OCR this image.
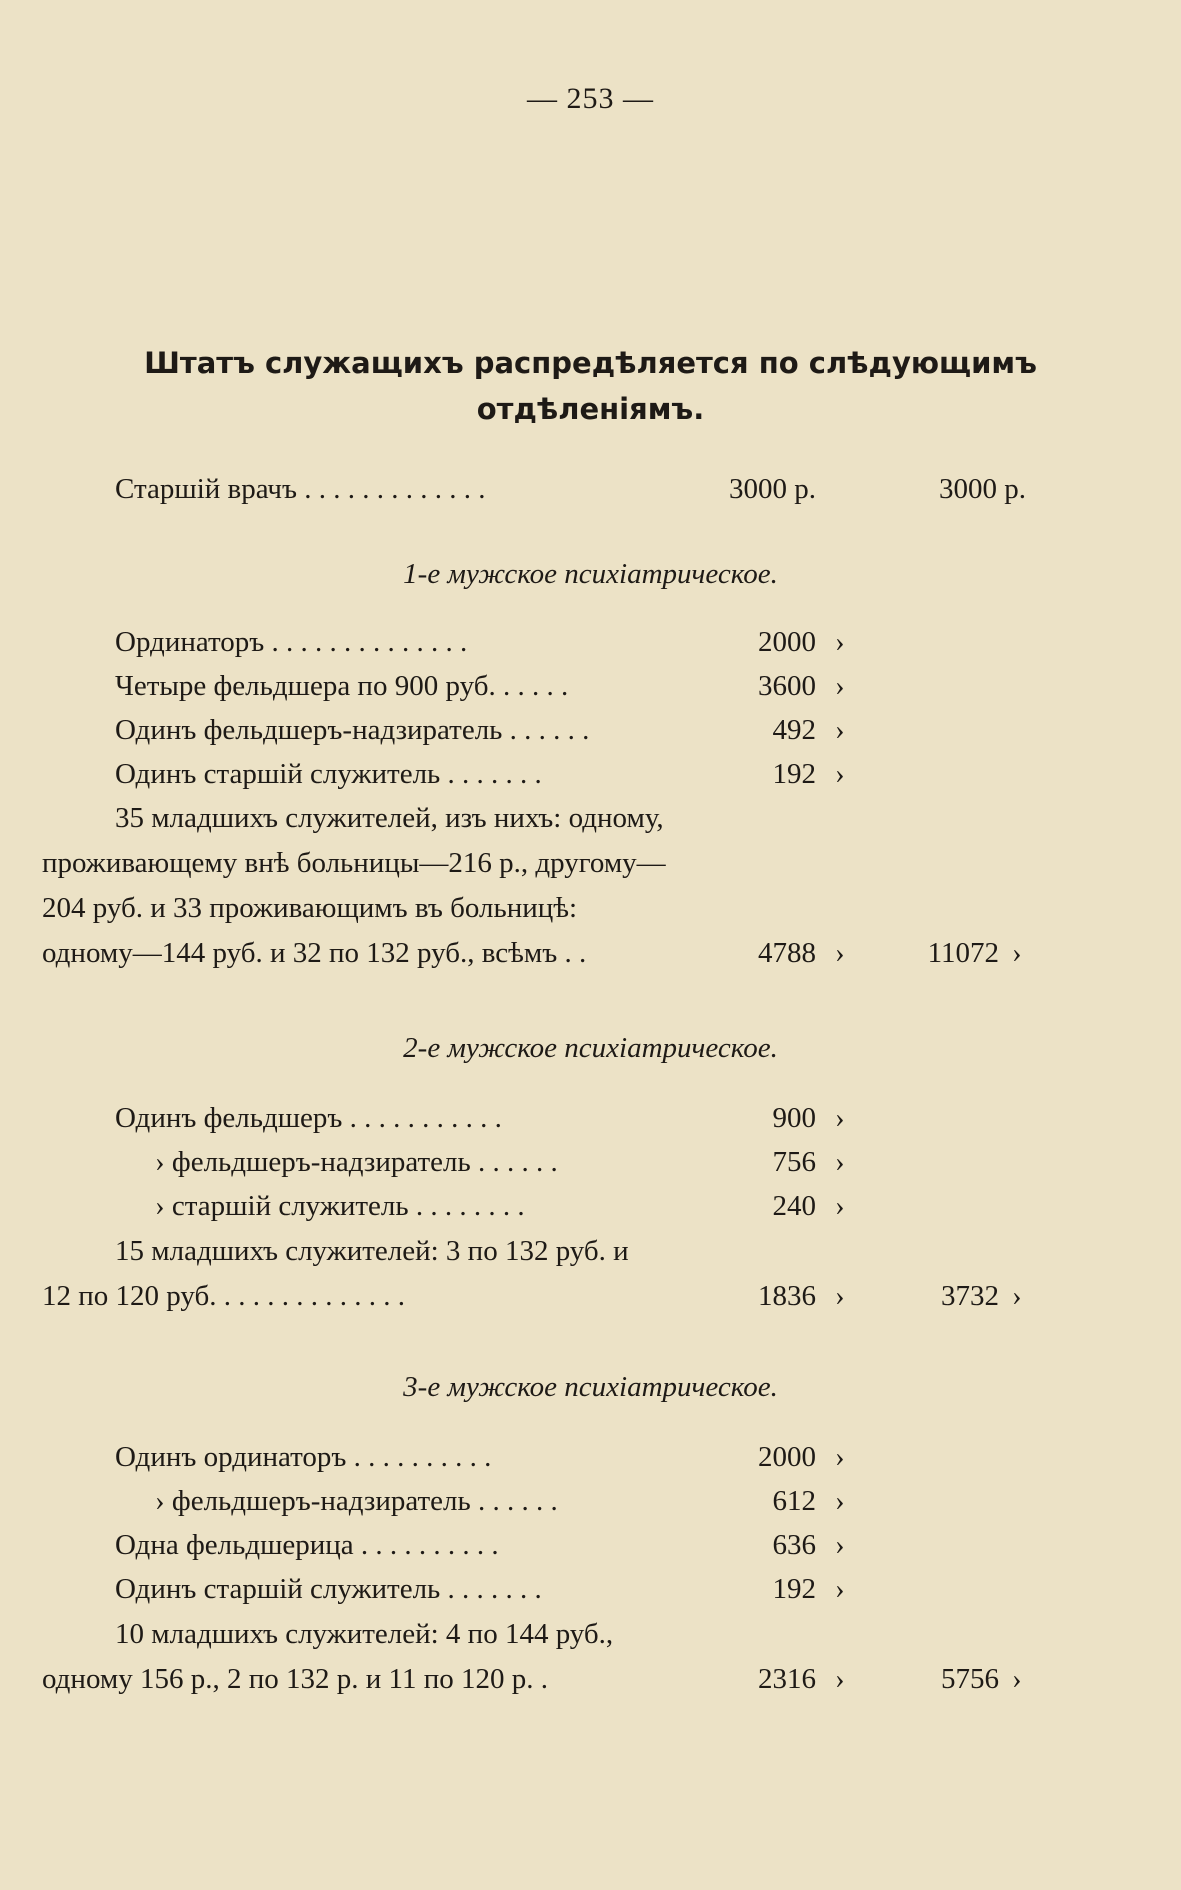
— 253 —
Штатъ служащихъ распредѣляется по слѣдующимъ
отдѣленіямъ.
Старшій врачъ . . . . . . . . . . . . .	3000 р.	3000 р.
1-е мужское психіатрическое.
Ординаторъ . . . . . . . . . . . . . .	2000 ›
Четыре фельдшера по 900 руб. . . . . .	3600 ›
Одинъ фельдшеръ-надзиратель . . . . . .	492 ›
Одинъ старшій служитель . . . . . . .	192 ›
35 младшихъ служителей, изъ нихъ: одному,
проживающему внѣ больницы—216 р., другому—
204 руб. и 33 проживающимъ въ больницѣ:
одному—144 руб. и 32 по 132 руб., всѣмъ . .	4788 ›	11072 ›
2-е мужское психіатрическое.
Одинъ фельдшеръ . . . . . . . . . . .	900 ›
› фельдшеръ-надзиратель . . . . . .	756 ›
› старшій служитель . . . . . . . .	240 ›
15 младшихъ служителей: 3 по 132 руб. и
12 по 120 руб. . . . . . . . . . . . . .	1836 ›	3732 ›
3-е мужское психіатрическое.
Одинъ ординаторъ . . . . . . . . . .	2000 ›
› фельдшеръ-надзиратель . . . . . .	612 ›
Одна фельдшерица . . . . . . . . . .	636 ›
Одинъ старшій служитель . . . . . . .	192 ›
10 младшихъ служителей: 4 по 144 руб.,
одному 156 р., 2 по 132 р. и 11 по 120 р. .	2316 ›	5756 ›
